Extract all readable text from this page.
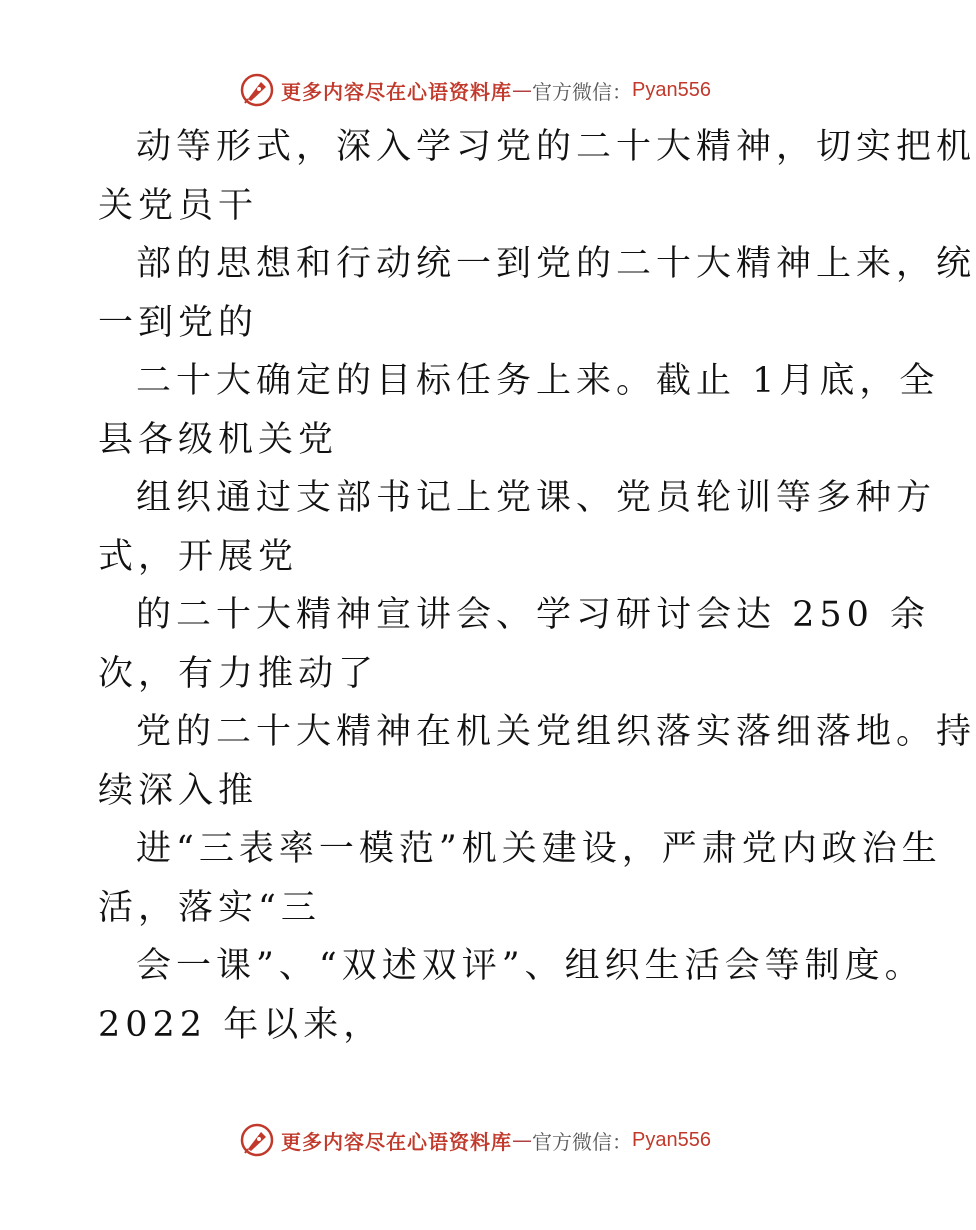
更多内容尽在心语资料库 — 官方微信： Pyan556
动等形式，深入学习党的二十大精神，切实把机
关党员干
部的思想和行动统一到党的二十大精神上来，统
一到党的
二十大确定的目标任务上来。截止 1月底，全
县各级机关党
组织通过支部书记上党课、党员轮训等多种方
式，开展党
的二十大精神宣讲会、学习研讨会达 250 余
次，有力推动了
党的二十大精神在机关党组织落实落细落地。持
续深入推
进“三表率一模范”机关建设，严肃党内政治生
活，落实“三
会一课”、“双述双评”、组织生活会等制度。
2022 年以来，
更多内容尽在心语资料库 — 官方微信： Pyan556
